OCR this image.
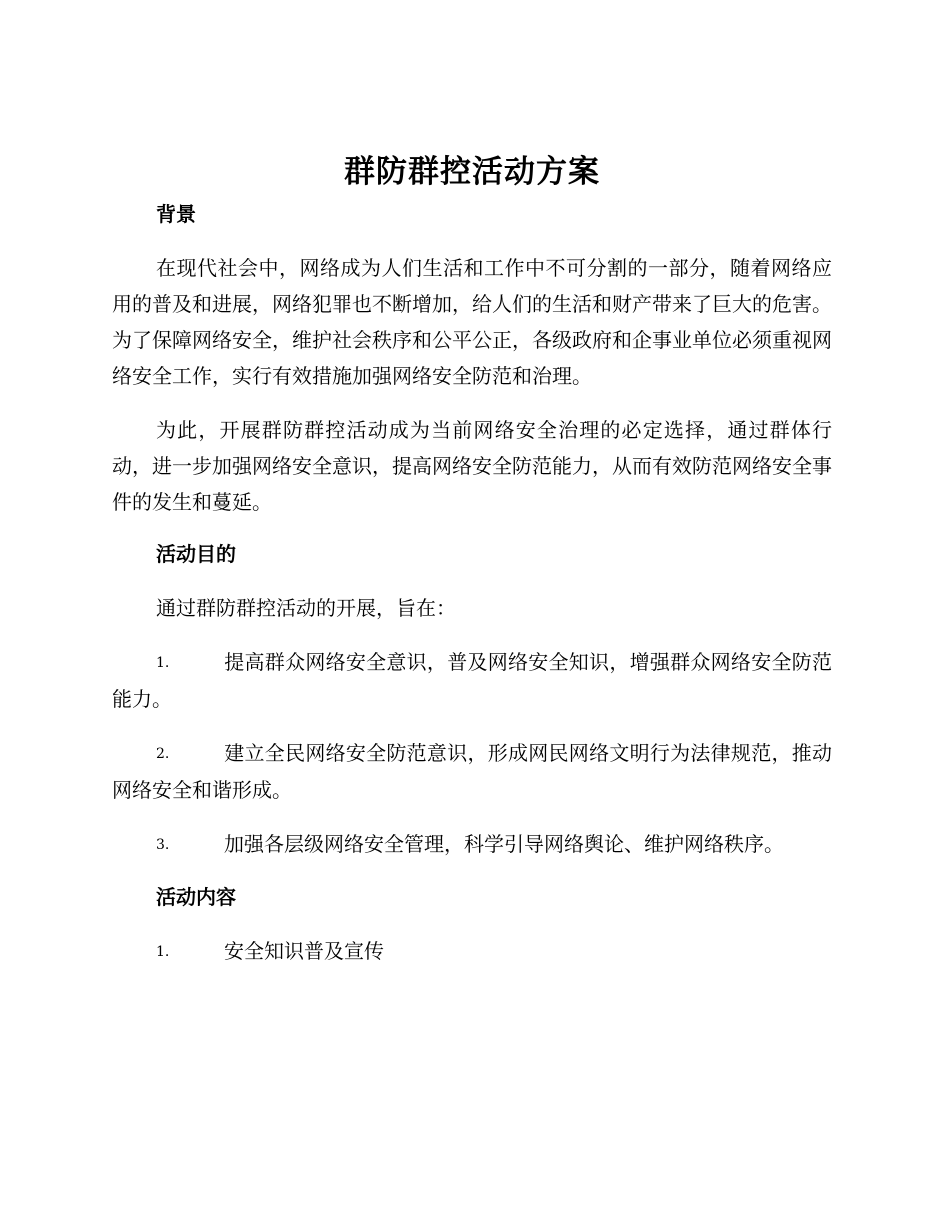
群防群控活动方案
背景

在现代社会中，网络成为人们生活和工作中不可分割的一部分，随着网络应用的普及和进展，网络犯罪也不断增加，给人们的生活和财产带来了巨大的危害。为了保障网络安全，维护社会秩序和公平公正，各级政府和企事业单位必须重视网络安全工作，实行有效措施加强网络安全防范和治理。

为此，开展群防群控活动成为当前网络安全治理的必定选择，通过群体行动，进一步加强网络安全意识，提高网络安全防范能力，从而有效防范网络安全事件的发生和蔓延。

活动目的

通过群防群控活动的开展，旨在：

1.	提高群众网络安全意识，普及网络安全知识，增强群众网络安全防范能力。

2.	建立全民网络安全防范意识，形成网民网络文明行为法律规范，推动网络安全和谐形成。

3.	加强各层级网络安全管理，科学引导网络舆论、维护网络秩序。

活动内容

1.	安全知识普及宣传
